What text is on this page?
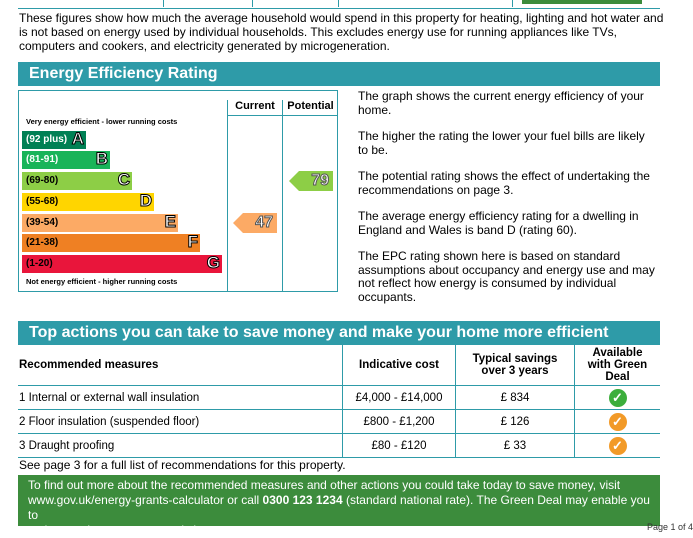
These figures show how much the average household would spend in this property for heating, lighting and hot water and is not based on energy used by individual households. This excludes energy use for running appliances like TVs, computers and cookers, and electricity generated by microgeneration.
Energy Efficiency Rating
Current	Potential
Very energy efficient - lower running costs
Not energy efficient - higher running costs
(92 plus) A
(81-91) B
(69-80)	C
(55-68)	D
(39-54)	E
(21-38)	F
(1-20)	G
47
79
The graph shows the current energy efficiency of your home.
The higher the rating the lower your fuel bills are likely to be.
The potential rating shows the effect of undertaking the recommendations on page 3.
The average energy efficiency rating for a dwelling in England and Wales is band D (rating 60).
The EPC rating shown here is based on standard assumptions about occupancy and energy use and may not reflect how energy is consumed by individual occupants.
Top actions you can take to save money and make your home more efficient
Recommended measures	Indicative cost	Typical savings over 3 years	Available with Green Deal
1 Internal or external wall insulation	£4,000 - £14,000	£ 834	✓
2 Floor insulation (suspended floor)	£800 - £1,200	£ 126	✓
3 Draught proofing	£80 - £120	£ 33	✓
See page 3 for a full list of recommendations for this property.
To find out more about the recommended measures and other actions you could take today to save money, visit
www.gov.uk/energy-grants-calculator or call 0300 123 1234 (standard national rate). The Green Deal may enable you to
make your home warmer and cheaper to run.	Page 1 of 4
